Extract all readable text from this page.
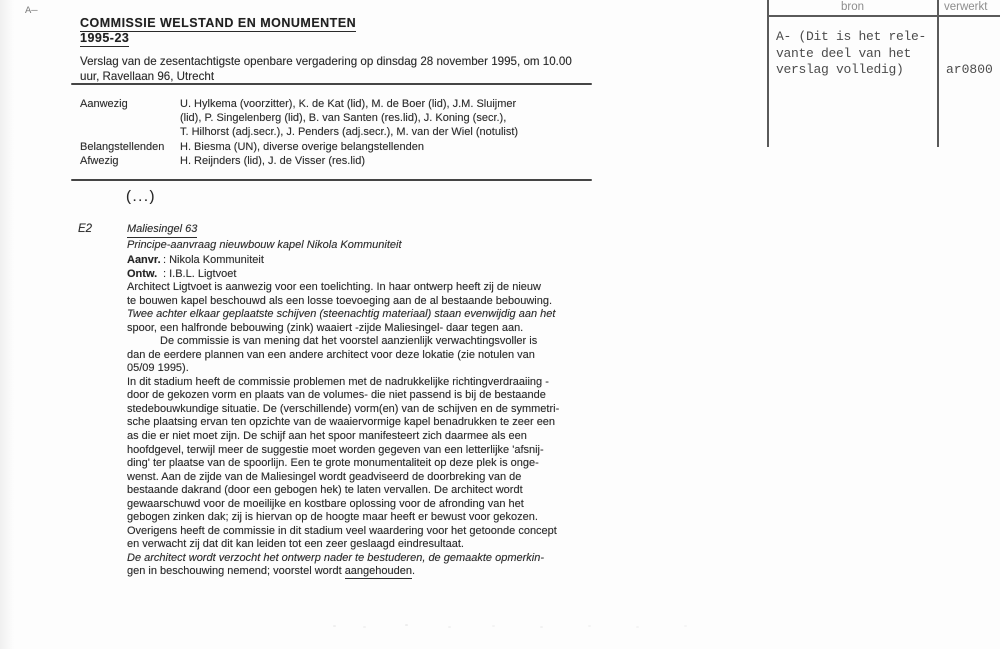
A—
COMMISSIE WELSTAND EN MONUMENTEN
1995-23
Verslag van de zesentachtigste openbare vergadering op dinsdag 28 november 1995, om 10.00
uur, Ravellaan 96, Utrecht
Aanwezig	U. Hylkema (voorzitter), K. de Kat (lid), M. de Boer (lid), J.M. Sluijmer
(lid), P. Singelenberg (lid), B. van Santen (res.lid), J. Koning (secr.),
T. Hilhorst (adj.secr.), J. Penders (adj.secr.), M. van der Wiel (notulist)
Belangstellenden	H. Biesma (UN), diverse overige belangstellenden
Afwezig	H. Reijnders (lid), J. de Visser (res.lid)
(...)
E2	Maliesingel 63
Principe-aanvraag nieuwbouw kapel Nikola Kommuniteit
Aanvr. : Nikola Kommuniteit
Ontw. : I.B.L. Ligtvoet
Architect Ligtvoet is aanwezig voor een toelichting. In haar ontwerp heeft zij de nieuw
te bouwen kapel beschouwd als een losse toevoeging aan de al bestaande bebouwing.
Twee achter elkaar geplaatste schijven (steenachtig materiaal) staan evenwijdig aan het
spoor, een halfronde bebouwing (zink) waaiert -zijde Maliesingel- daar tegen aan.
De commissie is van mening dat het voorstel aanzienlijk verwachtingsvoller is
dan de eerdere plannen van een andere architect voor deze lokatie (zie notulen van
05/09 1995).
In dit stadium heeft de commissie problemen met de nadrukkelijke richtingverdraaiing -
door de gekozen vorm en plaats van de volumes- die niet passend is bij de bestaande
stedebouwkundige situatie. De (verschillende) vorm(en) van de schijven en de symmetri-
sche plaatsing ervan ten opzichte van de waaiervormige kapel benadrukken te zeer een
as die er niet moet zijn. De schijf aan het spoor manifesteert zich daarmee als een
hoofdgevel, terwijl meer de suggestie moet worden gegeven van een letterlijke 'afsnij-
ding' ter plaatse van de spoorlijn. Een te grote monumentaliteit op deze plek is onge-
wenst. Aan de zijde van de Maliesingel wordt geadviseerd de doorbreking van de
bestaande dakrand (door een gebogen hek) te laten vervallen. De architect wordt
gewaarschuwd voor de moeilijke en kostbare oplossing voor de afronding van het
gebogen zinken dak; zij is hiervan op de hoogte maar heeft er bewust voor gekozen.
Overigens heeft de commissie in dit stadium veel waardering voor het getoonde concept
en verwacht zij dat dit kan leiden tot een zeer geslaagd eindresultaat.
De architect wordt verzocht het ontwerp nader te bestuderen, de gemaakte opmerkin-
gen in beschouwing nemend; voorstel wordt aangehouden.
bron	verwerkt
A- (Dit is het rele-
vante deel van het
verslag volledig)	ar0800
